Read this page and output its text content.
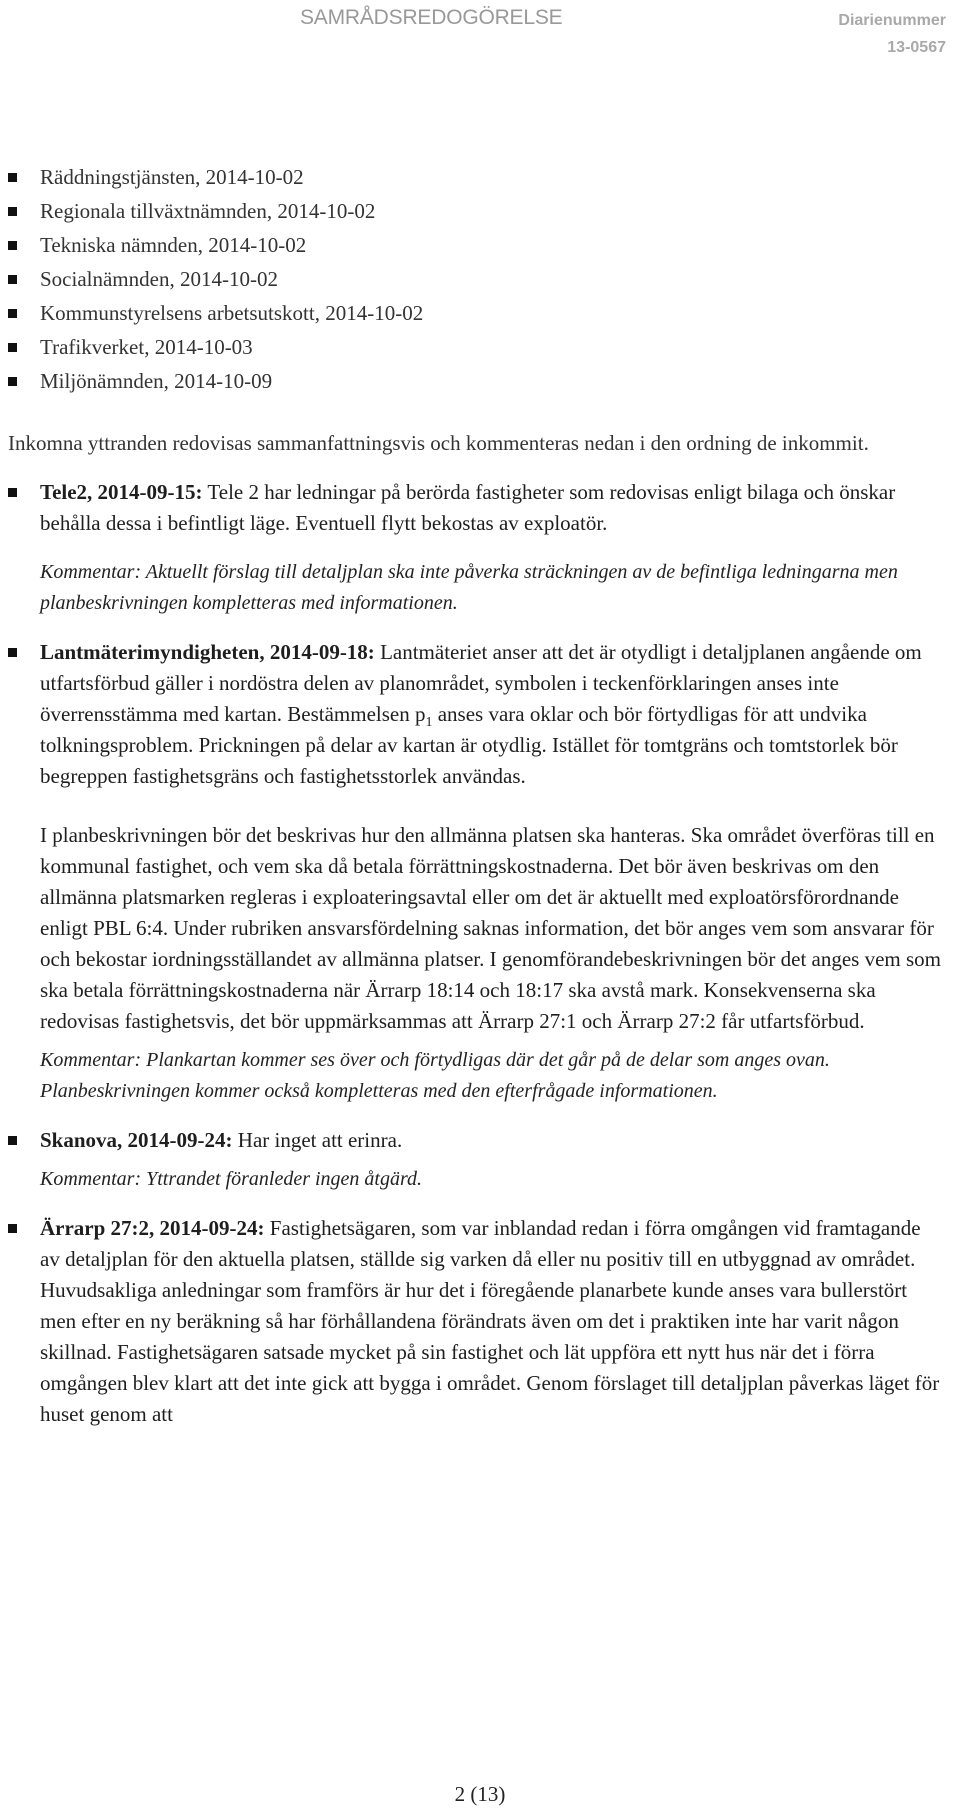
SAMRÅDSREDOGÖRELSE	Diarienummer
13-0567
Räddningstjänsten, 2014-10-02
Regionala tillväxtnämnden, 2014-10-02
Tekniska nämnden, 2014-10-02
Socialnämnden, 2014-10-02
Kommunstyrelsens arbetsutskott, 2014-10-02
Trafikverket, 2014-10-03
Miljönämnden, 2014-10-09

Inkomna yttranden redovisas sammanfattningsvis och kommenteras nedan i den ordning de inkommit.

Tele2, 2014-09-15: Tele 2 har ledningar på berörda fastigheter som redovisas enligt bilaga och önskar behålla dessa i befintligt läge. Eventuell flytt bekostas av exploatör.

Kommentar: Aktuellt förslag till detaljplan ska inte påverka sträckningen av de befintliga ledningarna men planbeskrivningen kompletteras med informationen.

Lantmäterimyndigheten, 2014-09-18: Lantmäteriet anser att det är otydligt i detaljplanen angående om utfartsförbud gäller i nordöstra delen av planområdet, symbolen i teckenförklaringen anses inte överrensstämma med kartan. Bestämmelsen $p_1$ anses vara oklar och bör förtydligas för att undvika tolkningsproblem. Prickningen på delar av kartan är otydlig. Istället för tomtgräns och tomtstorlek bör begreppen fastighetsgräns och fastighetsstorlek användas.

I planbeskrivningen bör det beskrivas hur den allmänna platsen ska hanteras. Ska området överföras till en kommunal fastighet, och vem ska då betala förrättningskostnaderna. Det bör även beskrivas om den allmänna platsmarken regleras i exploateringsavtal eller om det är aktuellt med exploatörsförordnande enligt PBL 6:4. Under rubriken ansvarsfördelning saknas information, det bör anges vem som ansvarar för och bekostar iordningsställandet av allmänna platser. I genomförandebeskrivningen bör det anges vem som ska betala förrättningskostnaderna när Ärrarp 18:14 och 18:17 ska avstå mark. Konsekvenserna ska redovisas fastighetsvis, det bör uppmärksammas att Ärrarp 27:1 och Ärrarp 27:2 får utfartsförbud.

Kommentar: Plankartan kommer ses över och förtydligas där det går på de delar som anges ovan. Planbeskrivningen kommer också kompletteras med den efterfrågade informationen.

Skanova, 2014-09-24: Har inget att erinra.

Kommentar: Yttrandet föranleder ingen åtgärd.

Ärrarp 27:2, 2014-09-24: Fastighetsägaren, som var inblandad redan i förra omgången vid framtagande av detaljplan för den aktuella platsen, ställde sig varken då eller nu positiv till en utbyggnad av området. Huvudsakliga anledningar som framförs är hur det i föregående planarbete kunde anses vara bullerstört men efter en ny beräkning så har förhållandena förändrats även om det i praktiken inte har varit någon skillnad. Fastighetsägaren satsade mycket på sin fastighet och lät uppföra ett nytt hus när det i förra omgången blev klart att det inte gick att bygga i området. Genom förslaget till detaljplan påverkas läget för huset genom att

2 (13)
